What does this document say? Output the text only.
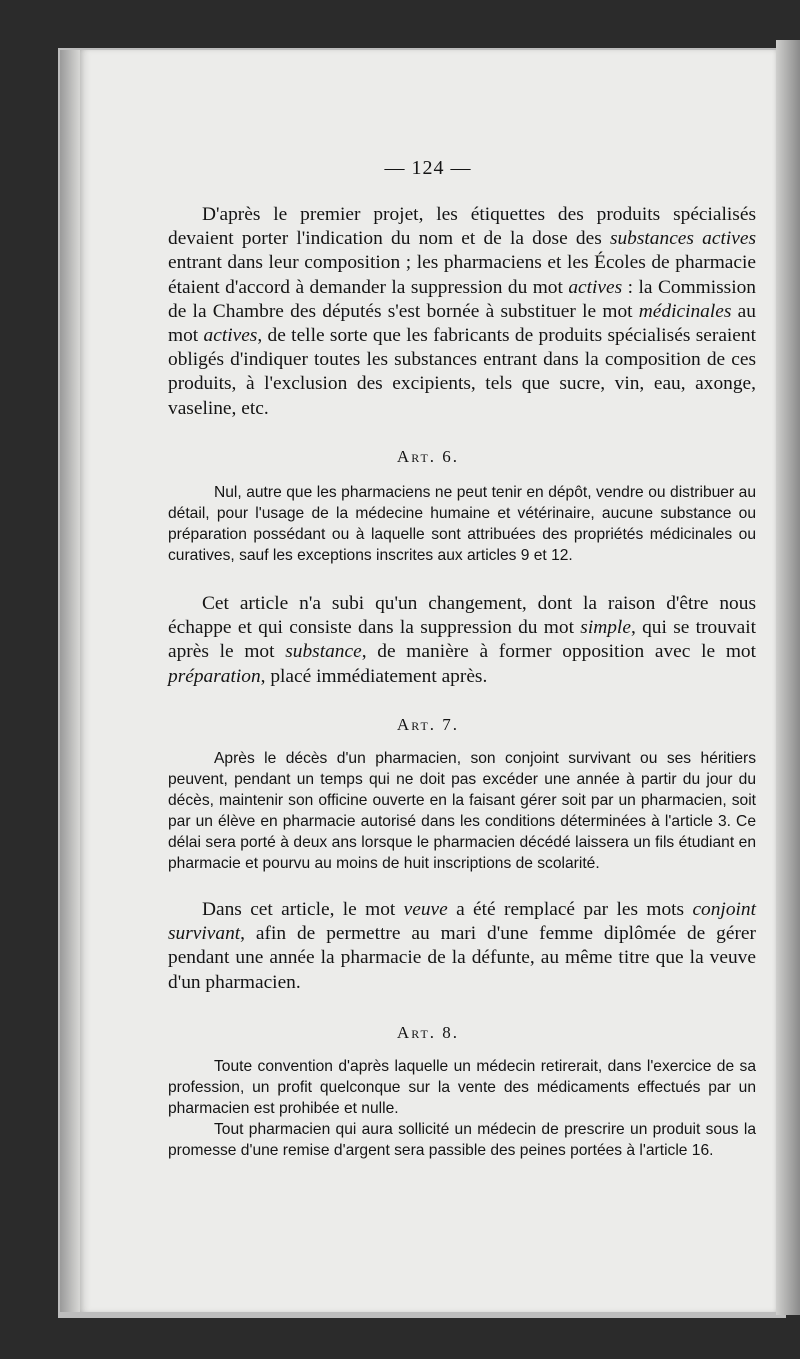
— 124 —

D'après le premier projet, les étiquettes des produits spécialisés devaient porter l'indication du nom et de la dose des substances actives entrant dans leur composition ; les pharmaciens et les Écoles de pharmacie étaient d'accord à demander la suppression du mot actives : la Commission de la Chambre des députés s'est bornée à substituer le mot médicinales au mot actives, de telle sorte que les fabricants de produits spécialisés seraient obligés d'indiquer toutes les substances entrant dans la composition de ces produits, à l'exclusion des excipients, tels que sucre, vin, eau, axonge, vaseline, etc.

Art. 6.

Nul, autre que les pharmaciens ne peut tenir en dépôt, vendre ou distribuer au détail, pour l'usage de la médecine humaine et vétérinaire, aucune substance ou préparation possédant ou à laquelle sont attribuées des propriétés médicinales ou curatives, sauf les exceptions inscrites aux articles 9 et 12.

Cet article n'a subi qu'un changement, dont la raison d'être nous échappe et qui consiste dans la suppression du mot simple, qui se trouvait après le mot substance, de manière à former opposition avec le mot préparation, placé immédiatement après.

Art. 7.

Après le décès d'un pharmacien, son conjoint survivant ou ses héritiers peuvent, pendant un temps qui ne doit pas excéder une année à partir du jour du décès, maintenir son officine ouverte en la faisant gérer soit par un pharmacien, soit par un élève en pharmacie autorisé dans les conditions déterminées à l'article 3. Ce délai sera porté à deux ans lorsque le pharmacien décédé laissera un fils étudiant en pharmacie et pourvu au moins de huit inscriptions de scolarité.

Dans cet article, le mot veuve a été remplacé par les mots conjoint survivant, afin de permettre au mari d'une femme diplômée de gérer pendant une année la pharmacie de la défunte, au même titre que la veuve d'un pharmacien.

Art. 8.

Toute convention d'après laquelle un médecin retirerait, dans l'exercice de sa profession, un profit quelconque sur la vente des médicaments effectués par un pharmacien est prohibée et nulle.

Tout pharmacien qui aura sollicité un médecin de prescrire un produit sous la promesse d'une remise d'argent sera passible des peines portées à l'article 16.
